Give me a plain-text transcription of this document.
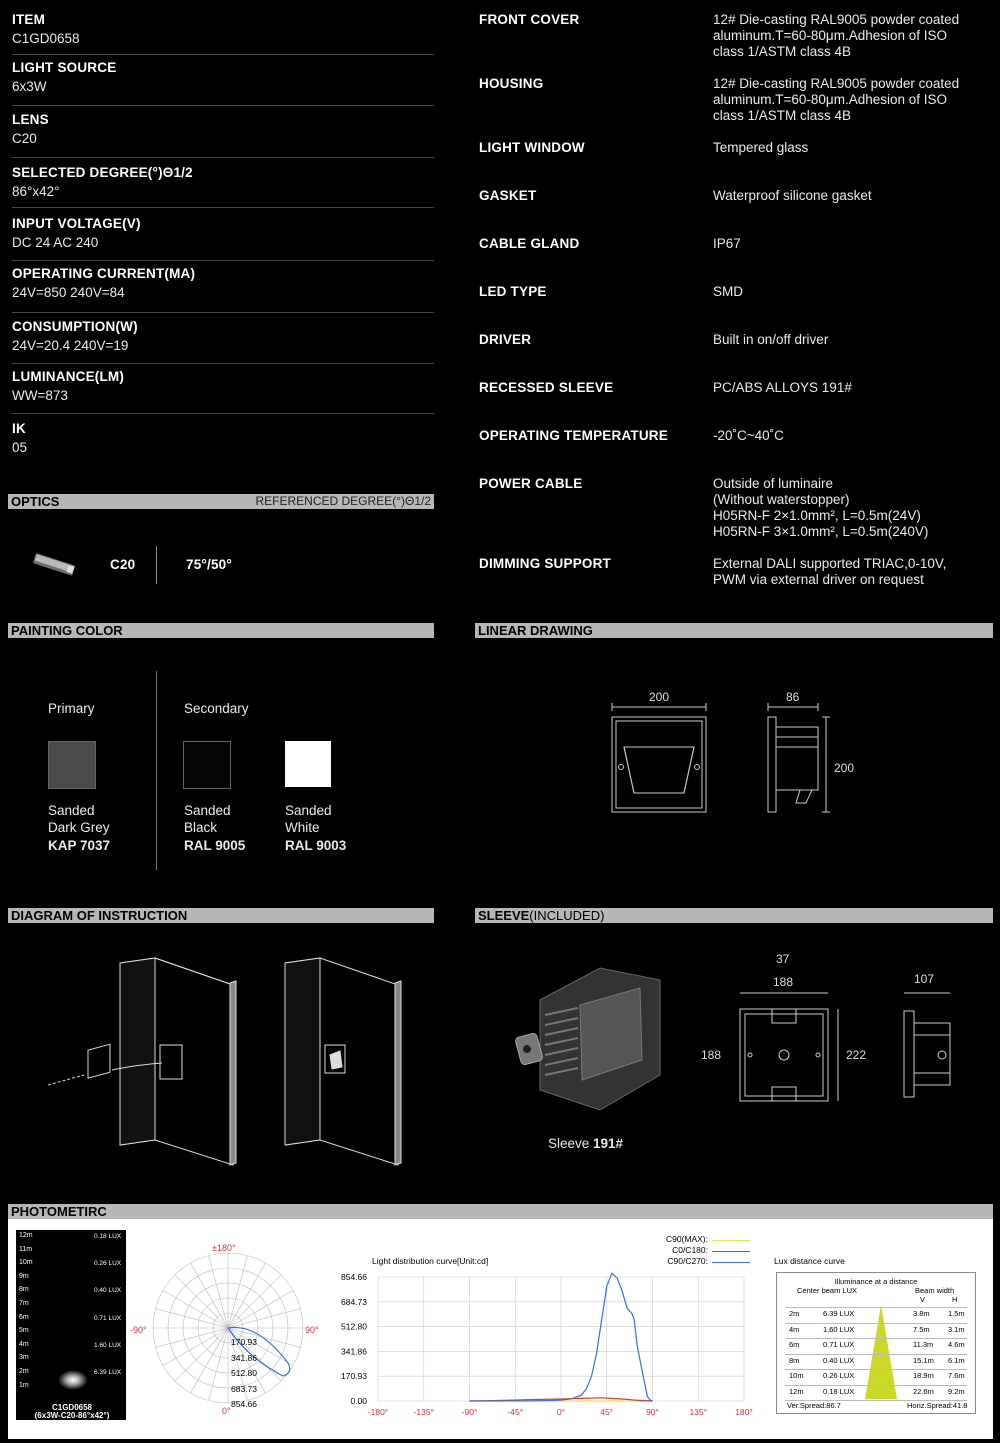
ITEM
C1GD0658
LIGHT SOURCE
6x3W
LENS
C20
SELECTED DEGREE(°)Θ1/2
86°x42°
INPUT VOLTAGE(V)
DC 24 AC 240
OPERATING CURRENT(MA)
24V=850 240V=84
CONSUMPTION(W)
24V=20.4 240V=19
LUMINANCE(LM)
WW=873
IK
05
FRONT COVER	12# Die-casting RAL9005 powder coated
aluminum.T=60-80μm.Adhesion of ISO
class 1/ASTM class 4B
HOUSING	12# Die-casting RAL9005 powder coated
aluminum.T=60-80μm.Adhesion of ISO
class 1/ASTM class 4B
LIGHT WINDOW	Tempered glass
GASKET	Waterproof silicone gasket
CABLE GLAND	IP67
LED TYPE	SMD
DRIVER	Built in on/off driver
RECESSED SLEEVE	PC/ABS ALLOYS 191#
OPERATING TEMPERATURE	-20˚C~40˚C
POWER CABLE	Outside of luminaire
(Without waterstopper)
H05RN-F 2×1.0mm², L=0.5m(24V)
H05RN-F 3×1.0mm², L=0.5m(240V)
DIMMING SUPPORT	External DALI supported TRIAC,0-10V,
PWM via external driver on request
OPTICS	REFERENCED DEGREE(°)Θ1/2
C20	75°/50°
PAINTING COLOR
Primary	Secondary
Sanded
Dark Grey
KAP 7037
Sanded
Black
RAL 9005
Sanded
White
RAL 9003
LINEAR DRAWING
200	86
200
DIAGRAM OF INSTRUCTION	SLEEVE(INCLUDED)
Sleeve 191#
37
188
188	222
107
PHOTOMETIRC
12m
11m
10m
9m
8m
7m
6m
5m
4m
3m
2m
1m
0.18 LUX
0.26 LUX
0.40 LUX
0.71 LUX
1.60 LUX
6.39 LUX
C1GD0658
(6x3W-C20-86°x42°)
±180°
-90°	90°
0°
170.93
341.86
512.80
683.73
854.66
Light distribution curve[Unit:cd]
C90(MAX):
C0/C180:
C90/C270:
-180°	-135°	-90°	-45°	0°	45°	90°	135°	180°
854.66
684.73
512.80
341.86
170.93
0.00
Lux distance curve
Illuminance at a distance
Center beam LUX	Beam width
V	H
2m	6.39 LUX	3.8m 1.5m
4m	1.60 LUX	7.5m 3.1m
6m	0.71 LUX	11.3m 4.6m
8m	0.40 LUX	15.1m 6.1m
10m	0.26 LUX	18.9m 7.6m
12m	0.18 LUX	22.6m 9.2m
Ver.Spread:86.7	Horiz.Spread:41.8
